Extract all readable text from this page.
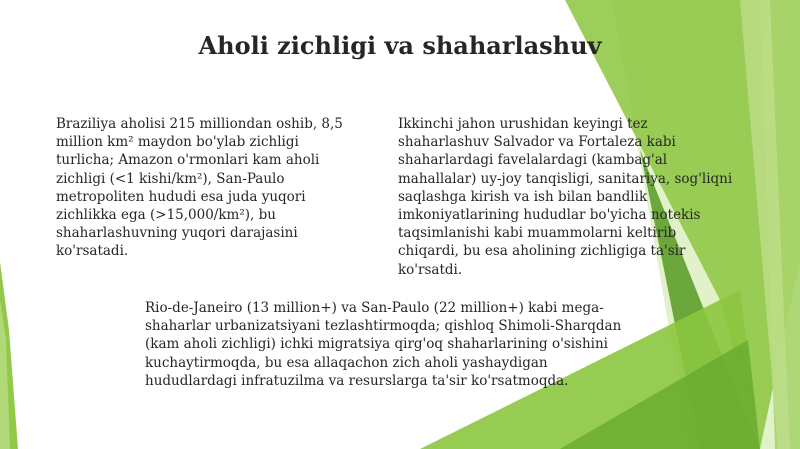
Aholi zichligi va shaharlashuv

Braziliya aholisi 215 milliondan oshib, 8,5
million km² maydon bo'ylab zichligi
turlicha; Amazon o'rmonlari kam aholi
zichligi (<1 kishi/km²), San-Paulo
metropoliten hududi esa juda yuqori
zichlikka ega (>15,000/km²), bu
shaharlashuvning yuqori darajasini
ko'rsatadi.

Ikkinchi jahon urushidan keyingi tez
shaharlashuv Salvador va Fortaleza kabi
shaharlardagi favelalardagi (kambag'al
mahallalar) uy-joy tanqisligi, sanitariya, sog'liqni
saqlashga kirish va ish bilan bandlik
imkoniyatlarining hududlar bo'yicha notekis
taqsimlanishi kabi muammolarni keltirib
chiqardi, bu esa aholining zichligiga ta'sir
ko'rsatdi.

Rio-de-Janeiro (13 million+) va San-Paulo (22 million+) kabi mega-
shaharlar urbanizatsiyani tezlashtirmoqda; qishloq Shimoli-Sharqdan
(kam aholi zichligi) ichki migratsiya qirg'oq shaharlarining o'sishini
kuchaytirmoqda, bu esa allaqachon zich aholi yashaydigan
hududlardagi infratuzilma va resurslarga ta'sir ko'rsatmoqda.
